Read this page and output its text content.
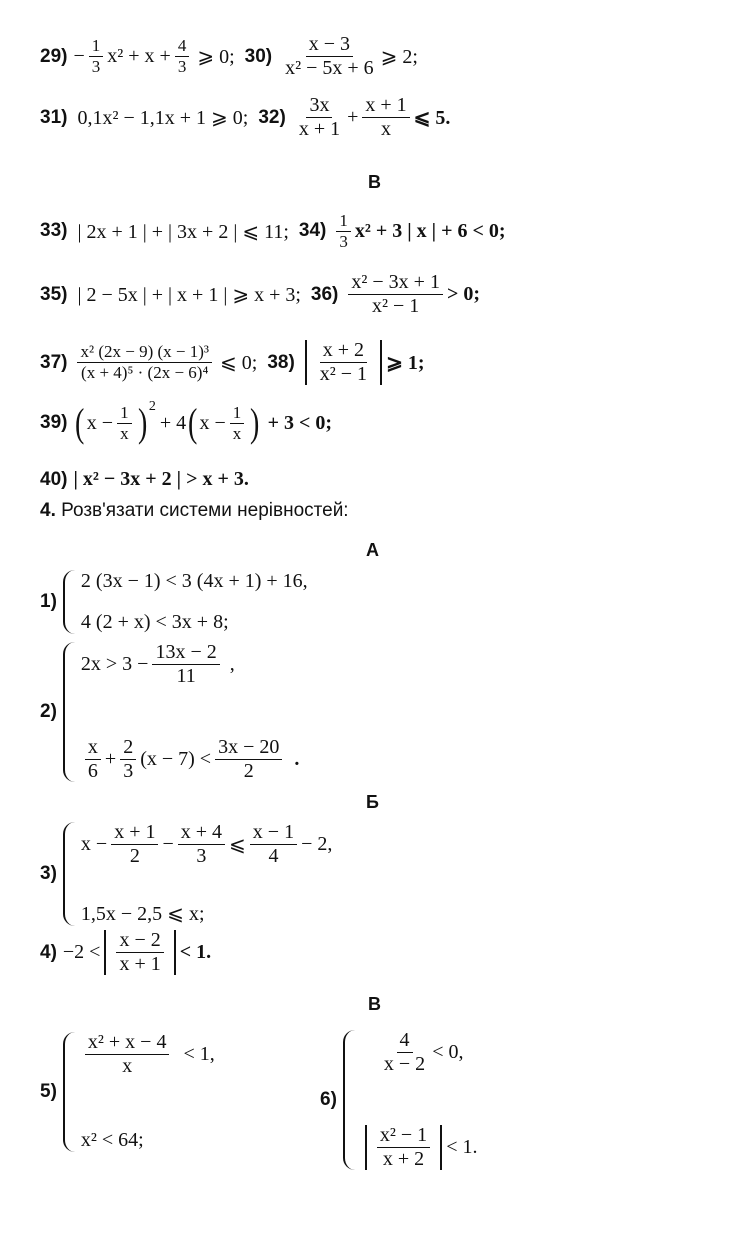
$29) - \frac{1}{3} x^2 + x + \frac{4}{3}$ ⩾ 0; $30) \frac{x - 3}{\text{x² − 5x + 6}}$ ⩾ 2;
31) 0,1x² − 1,1x + 1 ⩾ 0; $32) \frac{3x}{x + 1} + \frac{x + 1}{x}$ ⩽ 5.
В
33) | 2x + 1 | + | 3x + 2 | ⩽ 11; $34) \frac{1}{3} x^2 + 3$ | x | + 6 < 0;
35) | 2 − 5x | + | x + 1 | ⩾ x + 3; $36) \frac{\text{x² − 3x + 1}}{\text{x² − 1}} > 0$;
$37) \frac{\text{x² (2x − 9) (x − 1)³}}{\text{(x + 4)⁵ · (2x − 6)⁴}}$ ⩽ 0; $38) \frac{x + 2}{\text{x² − 1}}$ ⩾ 1;
39) ( $x - \frac{1}{x}$ ) 2
+ 4 ( $x - \frac{1}{x}$ ) + 3 < 0;
40) | x² − 3x + 2 | > x + 3.
4. Розв'язати системи нерівностей:
А
1)
2 (3x − 1) < 3 (4x + 1) + 16,
4 (2 + x) < 3x + 8;
2)
$2x > 3 - \frac{13x - 2}{11}$ ,
$\frac{x}{6} + \frac{2}{3} (x - 7) < \frac{3x - 20}{2}$ .
Б
3)
$x - \frac{x + 1}{2} - \frac{x + 4}{3}$ ⩽ $\frac{x - 1}{4} - 2$,
1,5x − 2,5 ⩽ x;
$4) -2 < \frac{x - 2}{x + 1} < 1$.
В
5)
$\frac{\text{x² + x − 4}}{x} < 1$,
x² < 64;
6)
$\frac{4}{x - 2} < 0$,
$\frac{\text{x² − 1}}{x + 2} < 1$.
